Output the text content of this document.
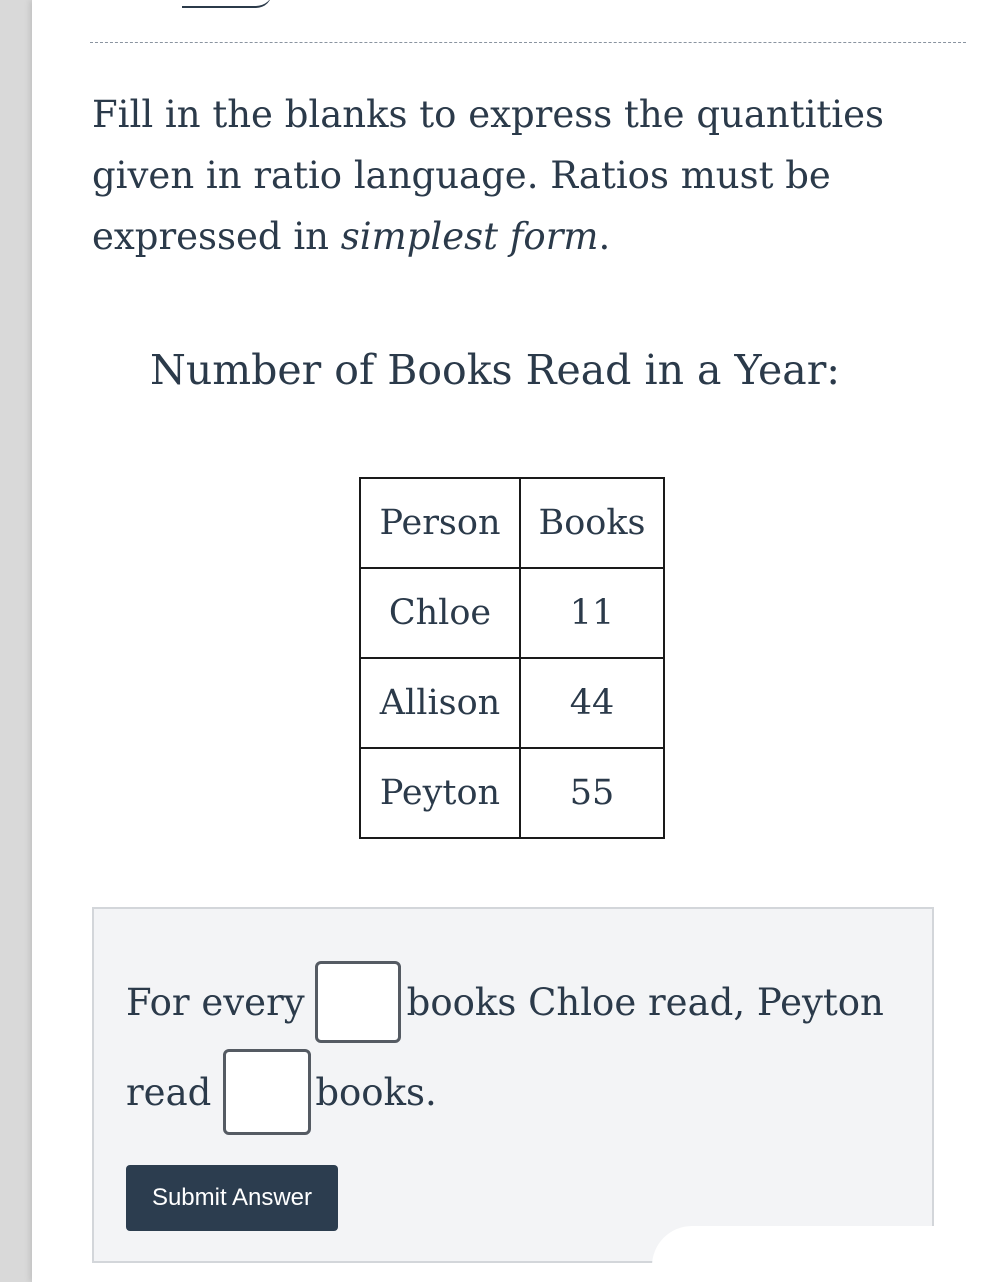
Fill in the blanks to express the quantities given in ratio language. Ratios must be expressed in simplest form.
Number of Books Read in a Year:
Person	Books
Chloe	11
Allison	44
Peyton	55
For every	books Chloe read, Peyton
read	books.
Submit Answer
